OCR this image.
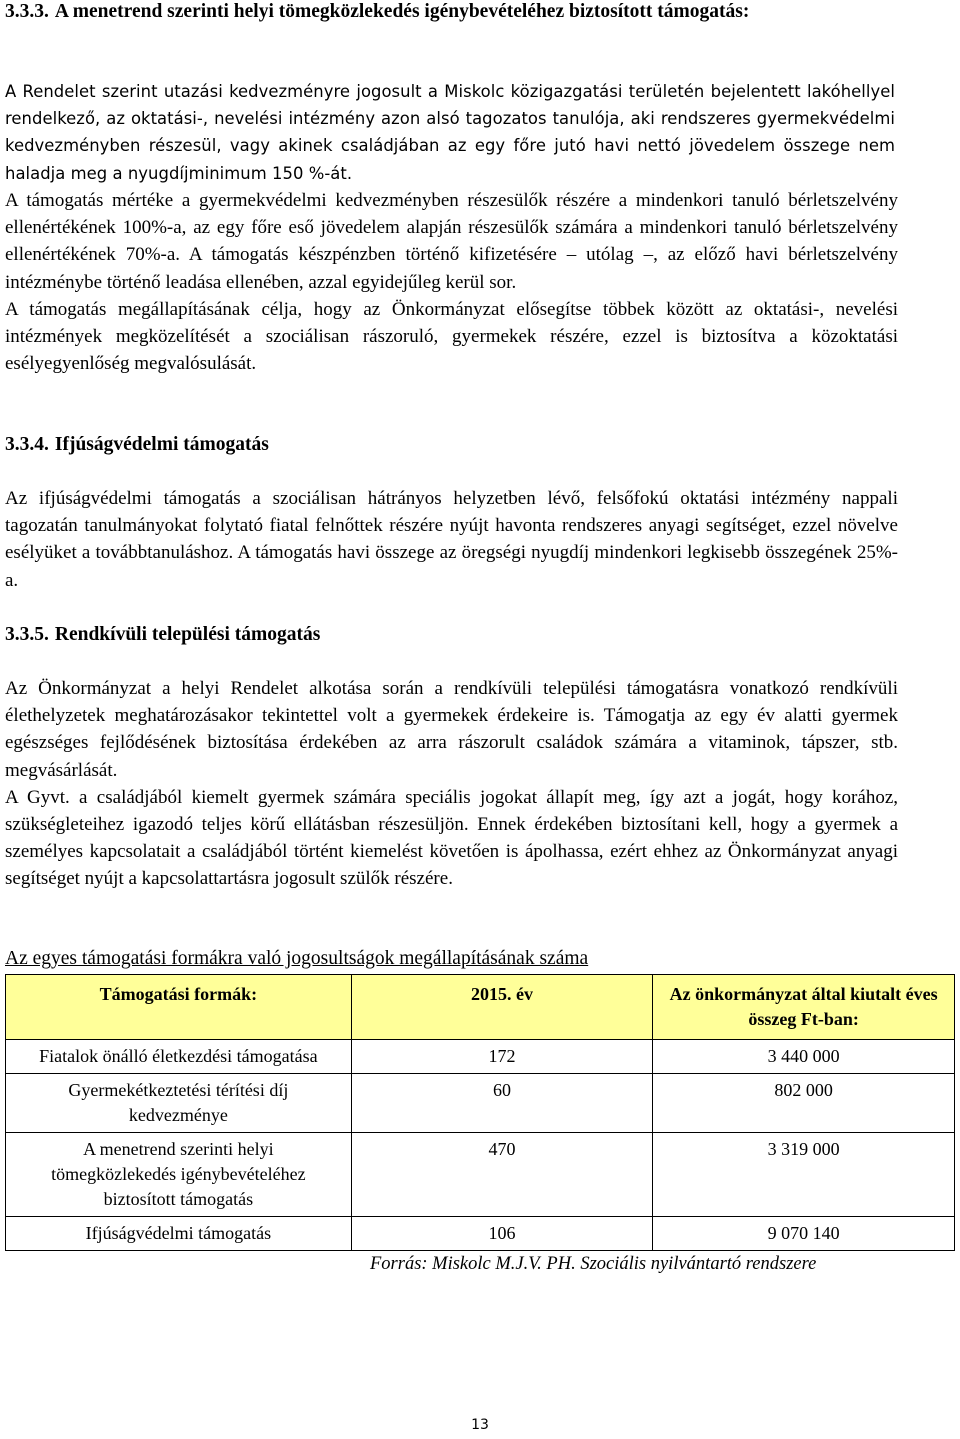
3.3.3. A menetrend szerinti helyi tömegközlekedés igénybevételéhez biztosított támogatás:

A Rendelet szerint utazási kedvezményre jogosult a Miskolc közigazgatási területén bejelentett lakóhellyel rendelkező, az oktatási-, nevelési intézmény azon alsó tagozatos tanulója, aki rendszeres gyermekvédelmi kedvezményben részesül, vagy akinek családjában az egy főre jutó havi nettó jövedelem összege nem haladja meg a nyugdíjminimum 150 %-át.

A támogatás mértéke a gyermekvédelmi kedvezményben részesülők részére a mindenkori tanuló bérletszelvény ellenértékének 100%-a, az egy főre eső jövedelem alapján részesülők számára a mindenkori tanuló bérletszelvény ellenértékének 70%-a. A támogatás készpénzben történő kifizetésére – utólag –, az előző havi bérletszelvény intézménybe történő leadása ellenében, azzal egyidejűleg kerül sor.

A támogatás megállapításának célja, hogy az Önkormányzat elősegítse többek között az oktatási-, nevelési intézmények megközelítését a szociálisan rászoruló, gyermekek részére, ezzel is biztosítva a közoktatási esélyegyenlőség megvalósulását.

3.3.4. Ifjúságvédelmi támogatás

Az ifjúságvédelmi támogatás a szociálisan hátrányos helyzetben lévő, felsőfokú oktatási intézmény nappali tagozatán tanulmányokat folytató fiatal felnőttek részére nyújt havonta rendszeres anyagi segítséget, ezzel növelve esélyüket a továbbtanuláshoz. A támogatás havi összege az öregségi nyugdíj mindenkori legkisebb összegének 25%-a.

3.3.5. Rendkívüli települési támogatás

Az Önkormányzat a helyi Rendelet alkotása során a rendkívüli települési támogatásra vonatkozó rendkívüli élethelyzetek meghatározásakor tekintettel volt a gyermekek érdekeire is. Támogatja az egy év alatti gyermek egészséges fejlődésének biztosítása érdekében az arra rászorult családok számára a vitaminok, tápszer, stb. megvásárlását.

A Gyvt. a családjából kiemelt gyermek számára speciális jogokat állapít meg, így azt a jogát, hogy korához, szükségleteihez igazodó teljes körű ellátásban részesüljön. Ennek érdekében biztosítani kell, hogy a gyermek a személyes kapcsolatait a családjából történt kiemelést követően is ápolhassa, ezért ehhez az Önkormányzat anyagi segítséget nyújt a kapcsolattartásra jogosult szülők részére.

Az egyes támogatási formákra való jogosultságok megállapításának száma
Támogatási formák:	2015. év	Az önkormányzat által kiutalt éves összeg Ft-ban:
Fiatalok önálló életkezdési támogatása	172	3 440 000
Gyermekétkeztetési térítési díj kedvezménye	60	802 000
A menetrend szerinti helyi tömegközlekedés igénybevételéhez biztosított támogatás	470	3 319 000
Ifjúságvédelmi támogatás	106	9 070 140
Forrás: Miskolc M.J.V. PH. Szociális nyilvántartó rendszere
13
